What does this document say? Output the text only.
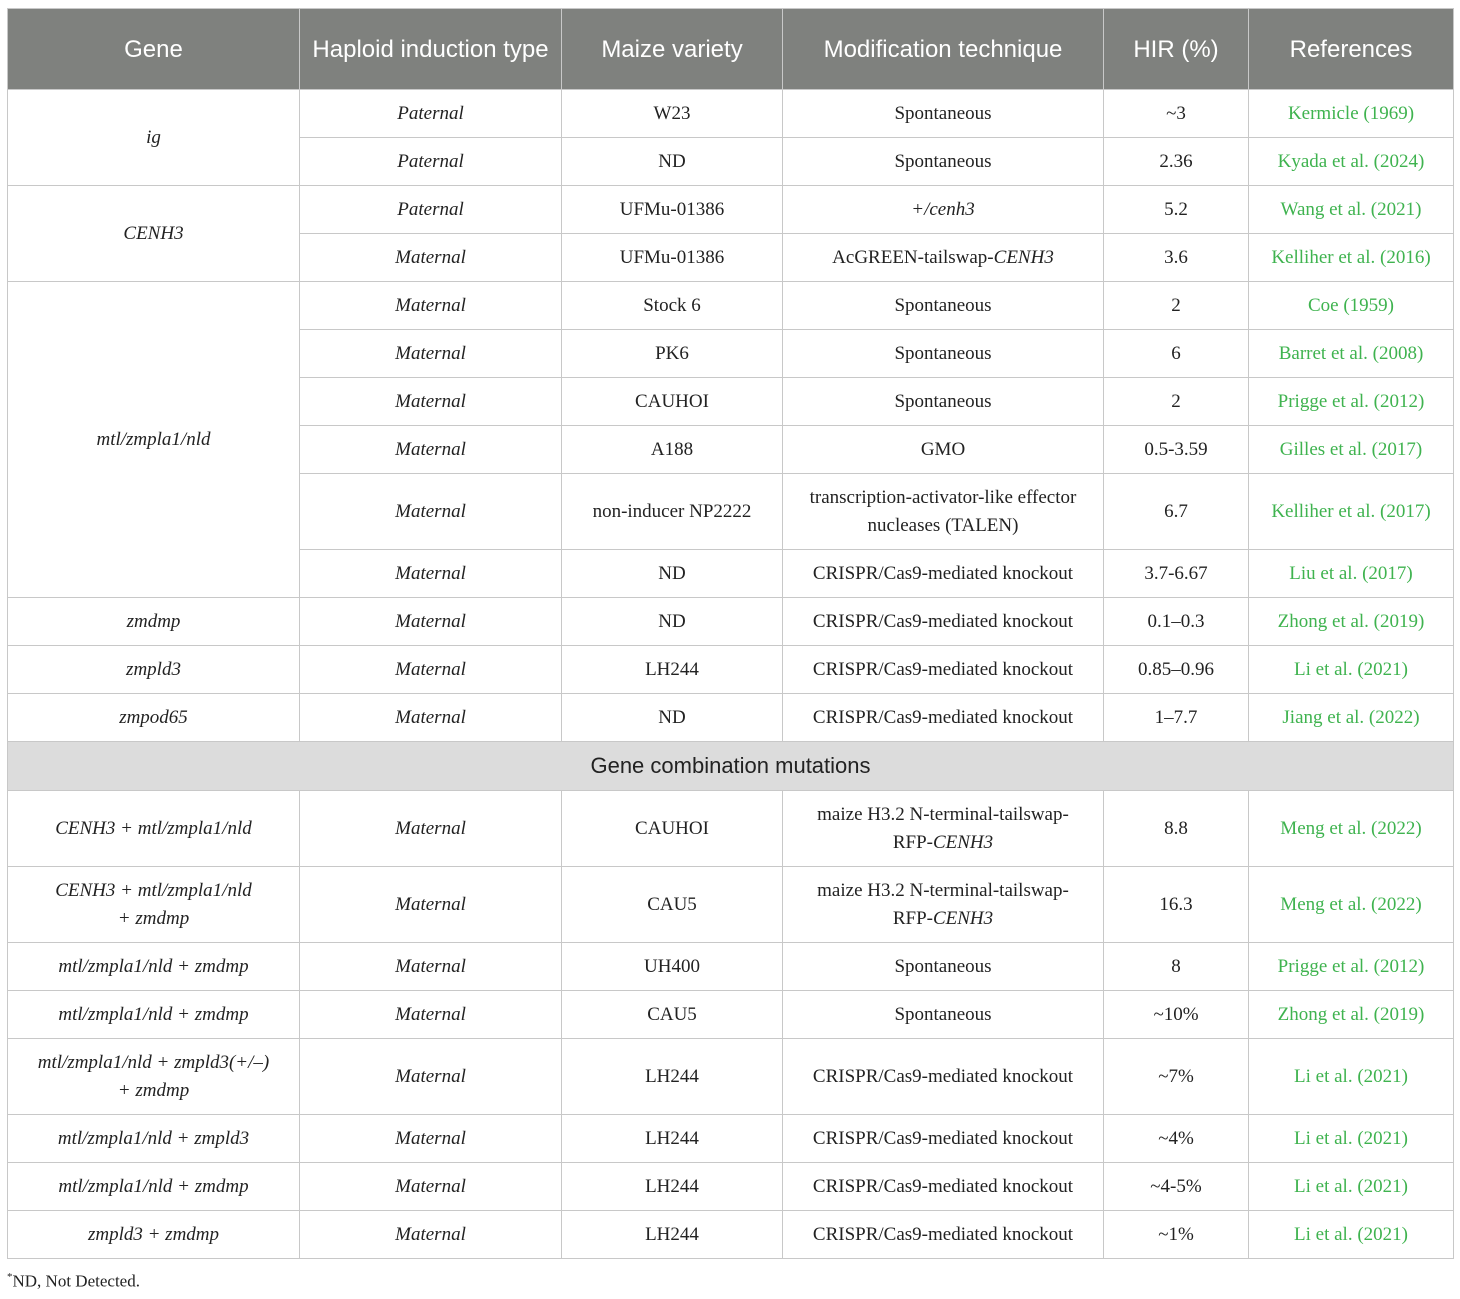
Gene	Haploid induction type	Maize variety	Modification technique	HIR (%)	References
ig	Paternal	W23	Spontaneous	~3	Kermicle (1969)
	Paternal	ND	Spontaneous	2.36	Kyada et al. (2024)
CENH3	Paternal	UFMu-01386	+/cenh3	5.2	Wang et al. (2021)
	Maternal	UFMu-01386	AcGREEN-tailswap-CENH3	3.6	Kelliher et al. (2016)
mtl/zmpla1/nld	Maternal	Stock 6	Spontaneous	2	Coe (1959)
	Maternal	PK6	Spontaneous	6	Barret et al. (2008)
	Maternal	CAUHOI	Spontaneous	2	Prigge et al. (2012)
	Maternal	A188	GMO	0.5-3.59	Gilles et al. (2017)
	Maternal	non-inducer NP2222	transcription-activator-like effector
nucleases (TALEN)	6.7	Kelliher et al. (2017)
	Maternal	ND	CRISPR/Cas9-mediated knockout	3.7-6.67	Liu et al. (2017)
zmdmp	Maternal	ND	CRISPR/Cas9-mediated knockout	0.1–0.3	Zhong et al. (2019)
zmpld3	Maternal	LH244	CRISPR/Cas9-mediated knockout	0.85–0.96	Li et al. (2021)
zmpod65	Maternal	ND	CRISPR/Cas9-mediated knockout	1–7.7	Jiang et al. (2022)
Gene combination mutations					
CENH3 + mtl/zmpla1/nld	Maternal	CAUHOI	maize H3.2 N-terminal-tailswap-
RFP-CENH3	8.8	Meng et al. (2022)
CENH3 + mtl/zmpla1/nld
+ zmdmp	Maternal	CAU5	maize H3.2 N-terminal-tailswap-
RFP-CENH3	16.3	Meng et al. (2022)
mtl/zmpla1/nld + zmdmp	Maternal	UH400	Spontaneous	8	Prigge et al. (2012)
mtl/zmpla1/nld + zmdmp	Maternal	CAU5	Spontaneous	~10%	Zhong et al. (2019)
mtl/zmpla1/nld + zmpld3(+/–)
+ zmdmp	Maternal	LH244	CRISPR/Cas9-mediated knockout	~7%	Li et al. (2021)
mtl/zmpla1/nld + zmpld3	Maternal	LH244	CRISPR/Cas9-mediated knockout	~4%	Li et al. (2021)
mtl/zmpla1/nld + zmdmp	Maternal	LH244	CRISPR/Cas9-mediated knockout	~4-5%	Li et al. (2021)
zmpld3 + zmdmp	Maternal	LH244	CRISPR/Cas9-mediated knockout	~1%	Li et al. (2021)
*ND, Not Detected.
